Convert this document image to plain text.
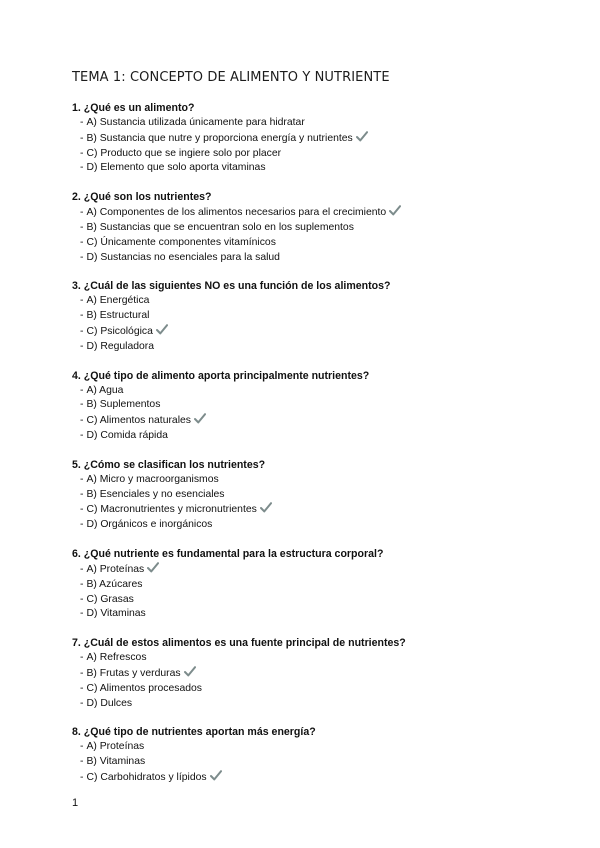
TEMA 1: CONCEPTO DE ALIMENTO Y NUTRIENTE

1. ¿Qué es un alimento?

- A) Sustancia utilizada únicamente para hidratar
- B) Sustancia que nutre y proporciona energía y nutrientes
- C) Producto que se ingiere solo por placer
- D) Elemento que solo aporta vitaminas

2. ¿Qué son los nutrientes?

- A) Componentes de los alimentos necesarios para el crecimiento
- B) Sustancias que se encuentran solo en los suplementos
- C) Únicamente componentes vitamínicos
- D) Sustancias no esenciales para la salud

3. ¿Cuál de las siguientes NO es una función de los alimentos?

- A) Energética
- B) Estructural
- C) Psicológica
- D) Reguladora

4. ¿Qué tipo de alimento aporta principalmente nutrientes?

- A) Agua
- B) Suplementos
- C) Alimentos naturales
- D) Comida rápida

5. ¿Cómo se clasifican los nutrientes?

- A) Micro y macroorganismos
- B) Esenciales y no esenciales
- C) Macronutrientes y micronutrientes
- D) Orgánicos e inorgánicos

6. ¿Qué nutriente es fundamental para la estructura corporal?

- A) Proteínas
- B) Azúcares
- C) Grasas
- D) Vitaminas

7. ¿Cuál de estos alimentos es una fuente principal de nutrientes?

- A) Refrescos
- B) Frutas y verduras
- C) Alimentos procesados
- D) Dulces

8. ¿Qué tipo de nutrientes aportan más energía?

- A) Proteínas
- B) Vitaminas
- C) Carbohidratos y lípidos
1
